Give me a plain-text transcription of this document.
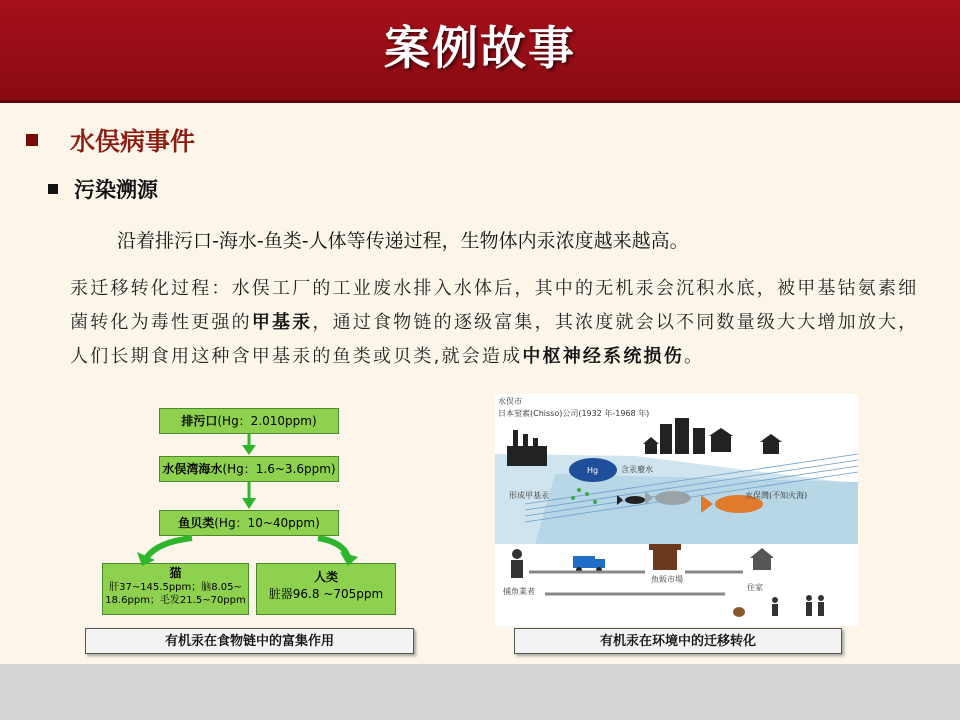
案例故事
水俣病事件
污染溯源
沿着排污口-海水-鱼类-人体等传递过程，生物体内汞浓度越来越高。
汞迁移转化过程：水俣工厂的工业废水排入水体后，其中的无机汞会沉积水底，被甲基钴氨素细菌转化为毒性更强的甲基汞，通过食物链的逐级富集，其浓度就会以不同数量级大大增加放大，人们长期食用这种含甲基汞的鱼类或贝类,就会造成中枢神经系统损伤。
排污口(Hg：2.010ppm)
水俣湾海水(Hg：1.6~3.6ppm)
鱼贝类(Hg：10~40ppm)
猫
肝37~145.5ppm；脑8.05~
18.6ppm；毛发21.5~70ppm
人类
脏器96.8 ~705ppm
有机汞在食物链中的富集作用
水俣市
日本窒素(Chisso)公司(1932 年-1968 年)
Hg	含汞廢水
形成甲基汞	水俣灣(不知火海)
捕魚業者
魚販市場
住家
有机汞在环境中的迁移转化
